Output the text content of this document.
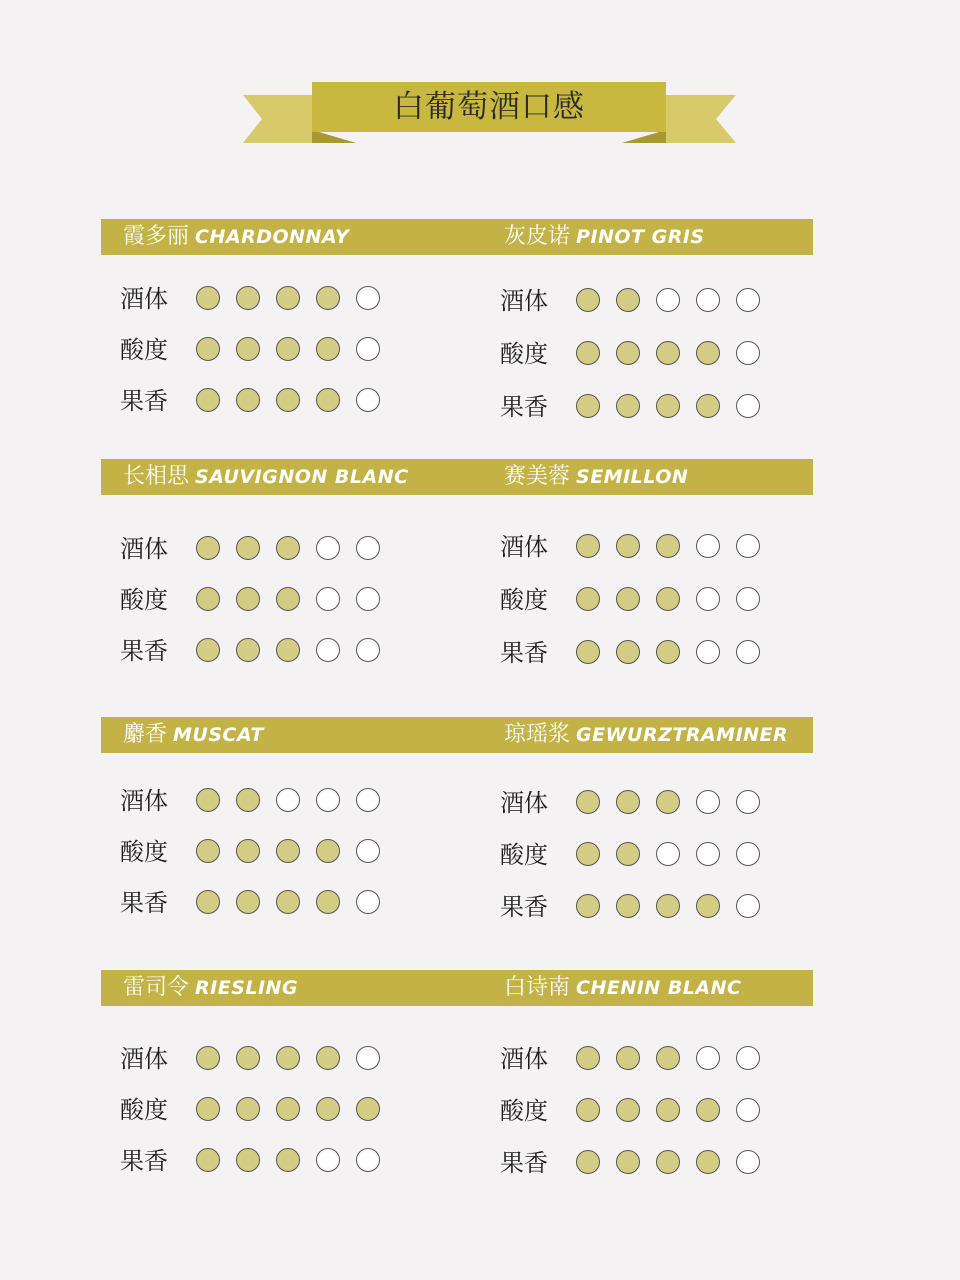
白葡萄酒口感
霞多丽 CHARDONNAY
酒体
酸度
果香
灰皮诺 PINOT GRIS
酒体
酸度
果香
长相思 SAUVIGNON BLANC
酒体
酸度
果香
赛美蓉 SEMILLON
酒体
酸度
果香
麝香 MUSCAT
酒体
酸度
果香
琼瑶浆 GEWURZTRAMINER
酒体
酸度
果香
雷司令 RIESLING
酒体
酸度
果香
白诗南 CHENIN BLANC
酒体
酸度
果香
